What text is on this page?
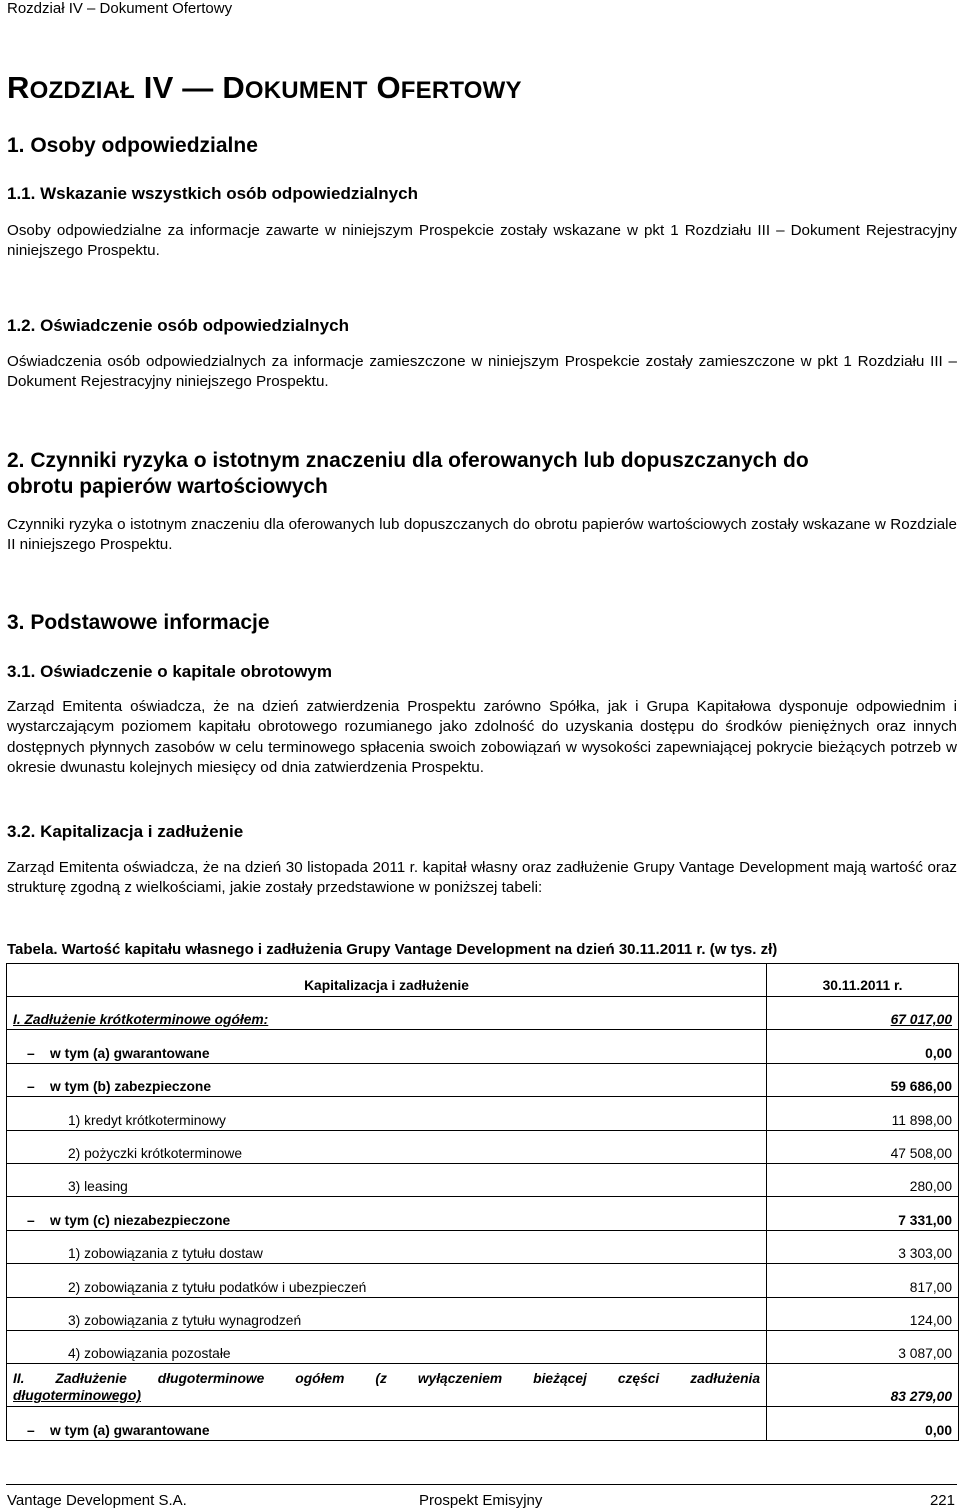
Rozdział IV – Dokument Ofertowy
ROZDZIAŁ IV — DOKUMENT OFERTOWY
1. Osoby odpowiedzialne
1.1. Wskazanie wszystkich osób odpowiedzialnych
Osoby odpowiedzialne za informacje zawarte w niniejszym Prospekcie zostały wskazane w pkt 1 Rozdziału III – Dokument Rejestracyjny niniejszego Prospektu.
1.2. Oświadczenie osób odpowiedzialnych
Oświadczenia osób odpowiedzialnych za informacje zamieszczone w niniejszym Prospekcie zostały zamieszczone w pkt 1 Rozdziału III – Dokument Rejestracyjny niniejszego Prospektu.
2. Czynniki ryzyka o istotnym znaczeniu dla oferowanych lub dopuszczanych do
obrotu papierów wartościowych
Czynniki ryzyka o istotnym znaczeniu dla oferowanych lub dopuszczanych do obrotu papierów wartościowych zostały wskazane w Rozdziale II niniejszego Prospektu.
3. Podstawowe informacje
3.1. Oświadczenie o kapitale obrotowym
Zarząd Emitenta oświadcza, że na dzień zatwierdzenia Prospektu zarówno Spółka, jak i Grupa Kapitałowa dysponuje odpowiednim i wystarczającym poziomem kapitału obrotowego rozumianego jako zdolność do uzyskania dostępu do środków pieniężnych oraz innych dostępnych płynnych zasobów w celu terminowego spłacenia swoich zobowiązań w wysokości zapewniającej pokrycie bieżących potrzeb w okresie dwunastu kolejnych miesięcy od dnia zatwierdzenia Prospektu.
3.2. Kapitalizacja i zadłużenie
Zarząd Emitenta oświadcza, że na dzień 30 listopada 2011 r. kapitał własny oraz zadłużenie Grupy Vantage Development mają wartość oraz strukturę zgodną z wielkościami, jakie zostały przedstawione w poniższej tabeli:
Tabela. Wartość kapitału własnego i zadłużenia Grupy Vantage Development na dzień 30.11.2011 r. (w tys. zł)
Kapitalizacja i zadłużenie	30.11.2011 r.
I. Zadłużenie krótkoterminowe ogółem:	67 017,00
– w tym (a) gwarantowane	0,00
– w tym (b) zabezpieczone	59 686,00
1) kredyt krótkoterminowy	11 898,00
2) pożyczki krótkoterminowe	47 508,00
3) leasing	280,00
– w tym (c) niezabezpieczone	7 331,00
1) zobowiązania z tytułu dostaw	3 303,00
2) zobowiązania z tytułu podatków i ubezpieczeń	817,00
3) zobowiązania z tytułu wynagrodzeń	124,00
4) zobowiązania pozostałe	3 087,00

II. Zadłużenie długoterminowe ogółem (z wyłączeniem bieżącej części zadłużenia
długoterminowego)	83 279,00
– w tym (a) gwarantowane	0,00
Vantage Development S.A.	Prospekt Emisyjny	221
